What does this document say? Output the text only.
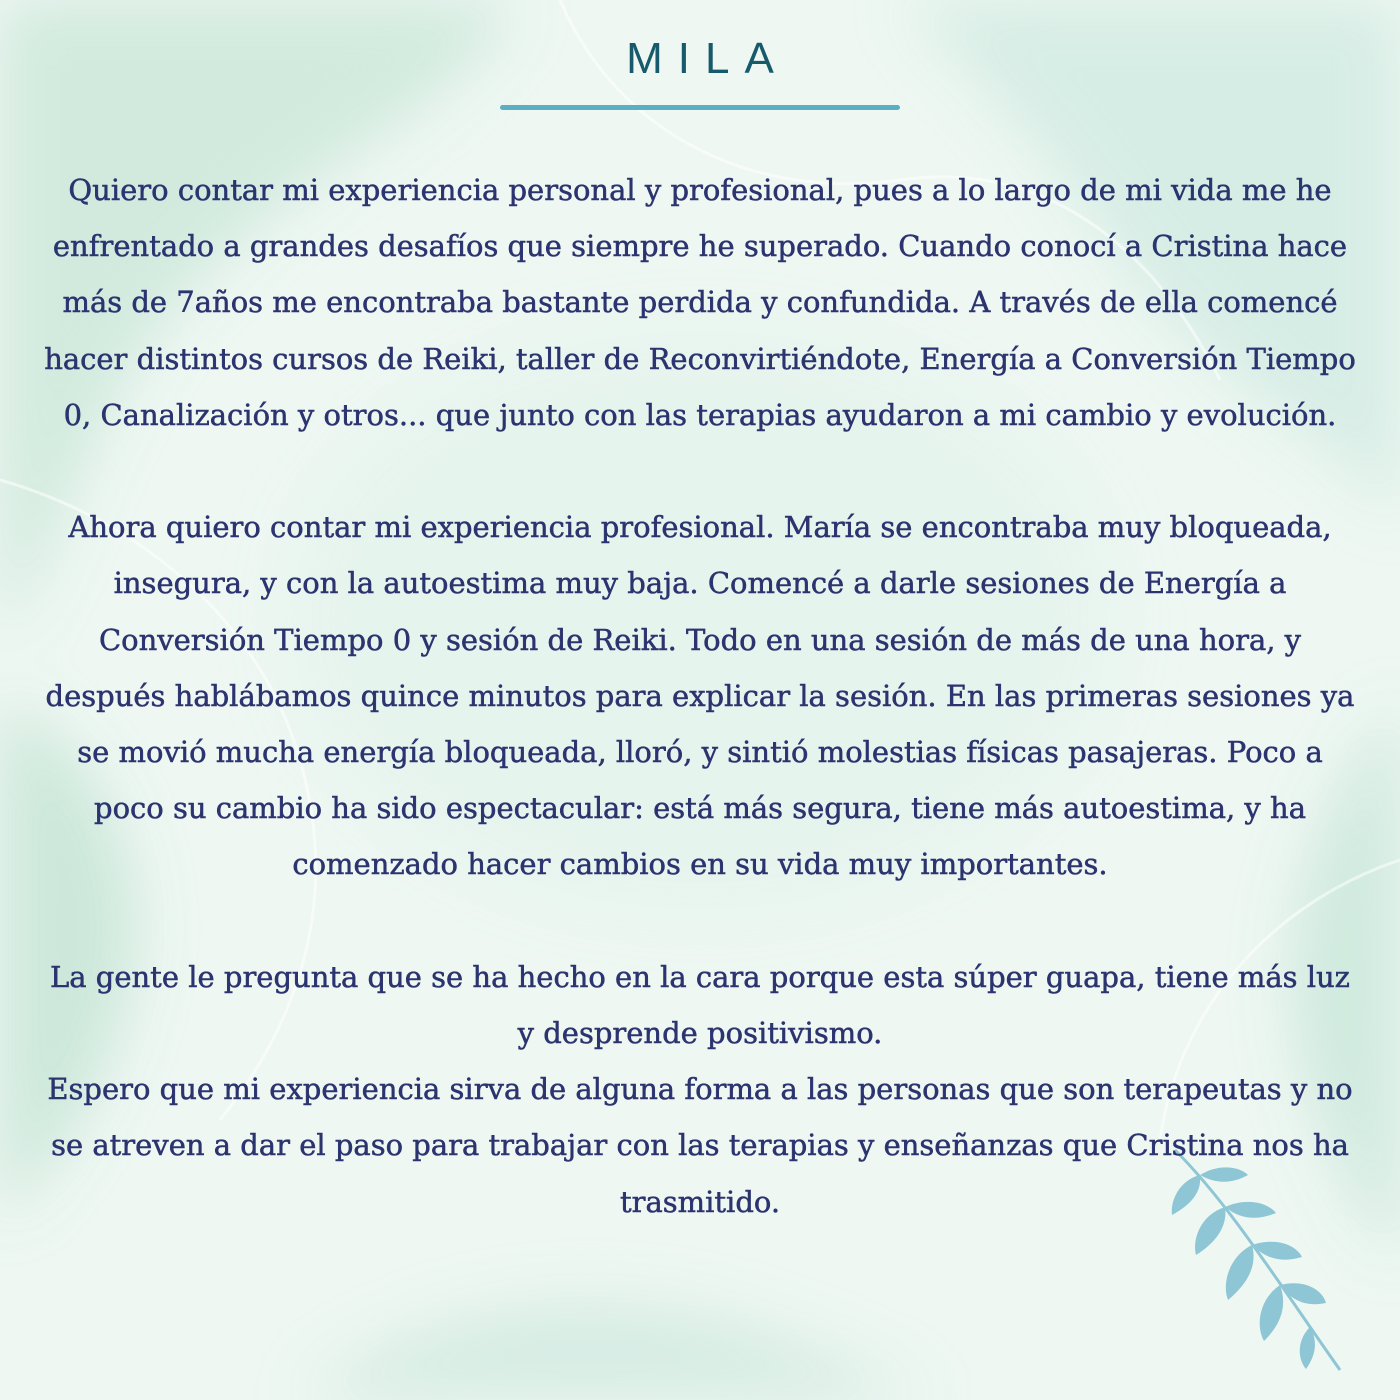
MILA

Quiero contar mi experiencia personal y profesional, pues a lo largo de mi vida me he enfrentado a grandes desafíos que siempre he superado. Cuando conocí a Cristina hace más de 7años me encontraba bastante perdida y confundida. A través de ella comencé hacer distintos cursos de Reiki, taller de Reconvirtiéndote, Energía a Conversión Tiempo 0, Canalización y otros... que junto con las terapias ayudaron a mi cambio y evolución.

Ahora quiero contar mi experiencia profesional. María se encontraba muy bloqueada, insegura, y con la autoestima muy baja. Comencé a darle sesiones de Energía a Conversión Tiempo 0 y sesión de Reiki. Todo en una sesión de más de una hora, y después hablábamos quince minutos para explicar la sesión. En las primeras sesiones ya se movió mucha energía bloqueada, lloró, y sintió molestias físicas pasajeras. Poco a poco su cambio ha sido espectacular: está más segura, tiene más autoestima, y ha comenzado hacer cambios en su vida muy importantes.

La gente le pregunta que se ha hecho en la cara porque esta súper guapa, tiene más luz y desprende positivismo.

Espero que mi experiencia sirva de alguna forma a las personas que son terapeutas y no se atreven a dar el paso para trabajar con las terapias y enseñanzas que Cristina nos ha trasmitido.
